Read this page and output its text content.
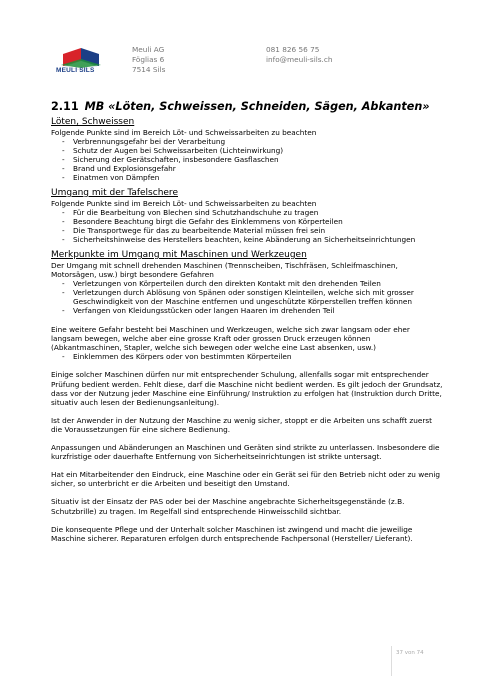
MEULI SILS
Meuli AG
Föglias 6
7514 Sils
081 826 56 75
info@meuli-sils.ch
2.11 MB «Löten, Schweissen, Schneiden, Sägen, Abkanten»
Löten, Schweissen

Folgende Punkte sind im Bereich Löt- und Schweissarbeiten zu beachten

- Verbrennungsgefahr bei der Verarbeitung
- Schutz der Augen bei Schweissarbeiten (Lichteinwirkung)
- Sicherung der Gerätschaften, insbesondere Gasflaschen
- Brand und Explosionsgefahr
- Einatmen von Dämpfen
Umgang mit der Tafelschere

Folgende Punkte sind im Bereich Löt- und Schweissarbeiten zu beachten

- Für die Bearbeitung von Blechen sind Schutzhandschuhe zu tragen
- Besondere Beachtung birgt die Gefahr des Einklemmens von Körperteilen
- Die Transportwege für das zu bearbeitende Material müssen frei sein
- Sicherheitshinweise des Herstellers beachten, keine Abänderung an Sicherheitseinrichtungen
Merkpunkte im Umgang mit Maschinen und Werkzeugen

Der Umgang mit schnell drehenden Maschinen (Trennscheiben, Tischfräsen, Schleifmaschinen, Motorsägen, usw.) birgt besondere Gefahren

- Verletzungen von Körperteilen durch den direkten Kontakt mit den drehenden Teilen
- Verletzungen durch Ablösung von Spänen oder sonstigen Kleinteilen, welche sich mit grosser Geschwindigkeit von der Maschine entfernen und ungeschützte Körperstellen treffen können
- Verfangen von Kleidungsstücken oder langen Haaren im drehenden Teil

Eine weitere Gefahr besteht bei Maschinen und Werkzeugen, welche sich zwar langsam oder eher langsam bewegen, welche aber eine grosse Kraft oder grossen Druck erzeugen können (Abkantmaschinen, Stapler, welche sich bewegen oder welche eine Last absenken, usw.)

- Einklemmen des Körpers oder von bestimmten Körperteilen

Einige solcher Maschinen dürfen nur mit entsprechender Schulung, allenfalls sogar mit entsprechender Prüfung bedient werden. Fehlt diese, darf die Maschine nicht bedient werden. Es gilt jedoch der Grundsatz, dass vor der Nutzung jeder Maschine eine Einführung/ Instruktion zu erfolgen hat (Instruktion durch Dritte, situativ auch lesen der Bedienungsanleitung).

Ist der Anwender in der Nutzung der Maschine zu wenig sicher, stoppt er die Arbeiten uns schafft zuerst die Voraussetzungen für eine sichere Bedienung.

Anpassungen und Abänderungen an Maschinen und Geräten sind strikte zu unterlassen. Insbesondere die kurzfristige oder dauerhafte Entfernung von Sicherheitseinrichtungen ist strikte untersagt.

Hat ein Mitarbeitender den Eindruck, eine Maschine oder ein Gerät sei für den Betrieb nicht oder zu wenig sicher, so unterbricht er die Arbeiten und beseitigt den Umstand.

Situativ ist der Einsatz der PAS oder bei der Maschine angebrachte Sicherheitsgegenstände (z.B. Schutzbrille) zu tragen. Im Regelfall sind entsprechende Hinweisschild sichtbar.

Die konsequente Pflege und der Unterhalt solcher Maschinen ist zwingend und macht die jeweilige Maschine sicherer. Reparaturen erfolgen durch entsprechende Fachpersonal (Hersteller/ Lieferant).

37 von 74
